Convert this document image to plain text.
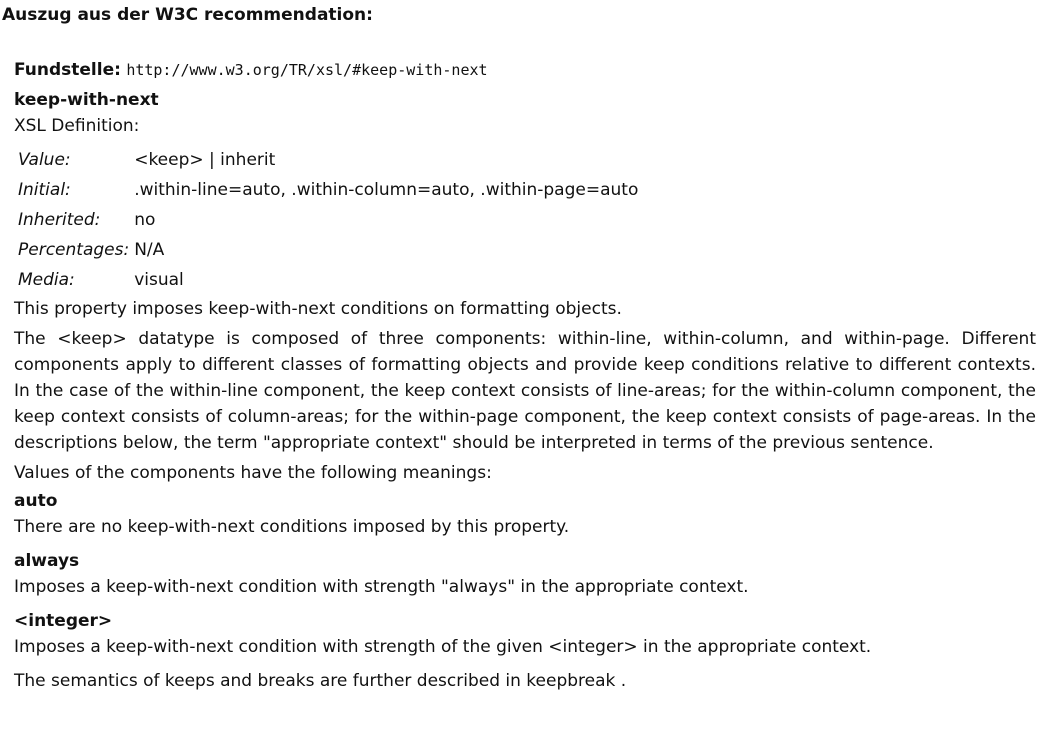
Auszug aus der W3C recommendation:
Fundstelle: http://www.w3.org/TR/xsl/#keep-with-next
keep-with-next
XSL Definition:
Value:	<keep> | inherit
Initial:	.within-line=auto, .within-column=auto, .within-page=auto
Inherited:	no
Percentages:	N/A
Media:	visual

This property imposes keep-with-next conditions on formatting objects.

The <keep> datatype is composed of three components: within-line, within-column, and within-page. Different components apply to different classes of formatting objects and provide keep conditions relative to different contexts. In the case of the within-line component, the keep context consists of line-areas; for the within-column component, the keep context consists of column-areas; for the within-page component, the keep context consists of page-areas. In the descriptions below, the term "appropriate context" should be interpreted in terms of the previous sentence.

Values of the components have the following meanings:

auto

There are no keep-with-next conditions imposed by this property.

always

Imposes a keep-with-next condition with strength "always" in the appropriate context.

<integer>

Imposes a keep-with-next condition with strength of the given <integer> in the appropriate context.

The semantics of keeps and breaks are further described in keepbreak .
